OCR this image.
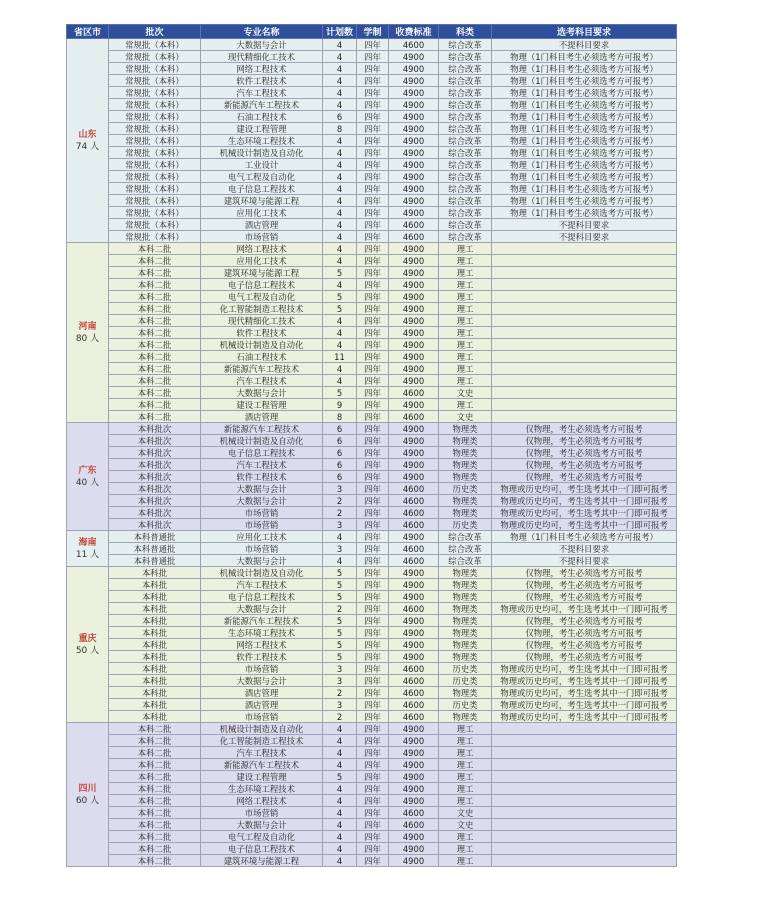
省区市	批次	专业名称	计划数	学制	收费标准	科类	选考科目要求

山东
74 人	常规批（本科）	大数据与会计	4	四年	4600	综合改革	不提科目要求
	常规批（本科）	现代精细化工技术	4	四年	4900	综合改革	物理（1门科目考生必须选考方可报考）
	常规批（本科）	网络工程技术	4	四年	4900	综合改革	物理（1门科目考生必须选考方可报考）
	常规批（本科）	软件工程技术	4	四年	4900	综合改革	物理（1门科目考生必须选考方可报考）
	常规批（本科）	汽车工程技术	4	四年	4900	综合改革	物理（1门科目考生必须选考方可报考）
	常规批（本科）	新能源汽车工程技术	4	四年	4900	综合改革	物理（1门科目考生必须选考方可报考）
	常规批（本科）	石油工程技术	6	四年	4900	综合改革	物理（1门科目考生必须选考方可报考）
	常规批（本科）	建设工程管理	8	四年	4900	综合改革	物理（1门科目考生必须选考方可报考）
	常规批（本科）	生态环境工程技术	4	四年	4900	综合改革	物理（1门科目考生必须选考方可报考）
	常规批（本科）	机械设计制造及自动化	4	四年	4900	综合改革	物理（1门科目考生必须选考方可报考）
	常规批（本科）	工业设计	4	四年	4900	综合改革	物理（1门科目考生必须选考方可报考）
	常规批（本科）	电气工程及自动化	4	四年	4900	综合改革	物理（1门科目考生必须选考方可报考）
	常规批（本科）	电子信息工程技术	4	四年	4900	综合改革	物理（1门科目考生必须选考方可报考）
	常规批（本科）	建筑环境与能源工程	4	四年	4900	综合改革	物理（1门科目考生必须选考方可报考）
	常规批（本科）	应用化工技术	4	四年	4900	综合改革	物理（1门科目考生必须选考方可报考）
	常规批（本科）	酒店管理	4	四年	4600	综合改革	不提科目要求
	常规批（本科）	市场营销	4	四年	4600	综合改革	不提科目要求

河南
80 人	本科二批	网络工程技术	4	四年	4900	理工	
	本科二批	应用化工技术	4	四年	4900	理工	
	本科二批	建筑环境与能源工程	5	四年	4900	理工	
	本科二批	电子信息工程技术	4	四年	4900	理工	
	本科二批	电气工程及自动化	5	四年	4900	理工	
	本科二批	化工智能制造工程技术	5	四年	4900	理工	
	本科二批	现代精细化工技术	4	四年	4900	理工	
	本科二批	软件工程技术	4	四年	4900	理工	
	本科二批	机械设计制造及自动化	4	四年	4900	理工	
	本科二批	石油工程技术	11	四年	4900	理工	
	本科二批	新能源汽车工程技术	4	四年	4900	理工	
	本科二批	汽车工程技术	4	四年	4900	理工	
	本科二批	大数据与会计	5	四年	4600	文史	
	本科二批	建设工程管理	9	四年	4900	理工	
	本科二批	酒店管理	8	四年	4600	文史	

广东
40 人	本科批次	新能源汽车工程技术	6	四年	4900	物理类	仅物理，考生必须选考方可报考
	本科批次	机械设计制造及自动化	6	四年	4900	物理类	仅物理，考生必须选考方可报考
	本科批次	电子信息工程技术	6	四年	4900	物理类	仅物理，考生必须选考方可报考
	本科批次	汽车工程技术	6	四年	4900	物理类	仅物理，考生必须选考方可报考
	本科批次	软件工程技术	6	四年	4900	物理类	仅物理，考生必须选考方可报考
	本科批次	大数据与会计	3	四年	4600	历史类	物理或历史均可，考生选考其中一门即可报考
	本科批次	大数据与会计	2	四年	4600	物理类	物理或历史均可，考生选考其中一门即可报考
	本科批次	市场营销	2	四年	4600	物理类	物理或历史均可，考生选考其中一门即可报考
	本科批次	市场营销	3	四年	4600	历史类	物理或历史均可，考生选考其中一门即可报考

海南
11 人	本科普通批	应用化工技术	4	四年	4900	综合改革	物理（1门科目考生必须选考方可报考）
	本科普通批	市场营销	3	四年	4600	综合改革	不提科目要求
	本科普通批	大数据与会计	4	四年	4600	综合改革	不提科目要求

重庆
50 人	本科批	机械设计制造及自动化	5	四年	4900	物理类	仅物理，考生必须选考方可报考
	本科批	汽车工程技术	5	四年	4900	物理类	仅物理，考生必须选考方可报考
	本科批	电子信息工程技术	5	四年	4900	物理类	仅物理，考生必须选考方可报考
	本科批	大数据与会计	2	四年	4600	物理类	物理或历史均可，考生选考其中一门即可报考
	本科批	新能源汽车工程技术	5	四年	4900	物理类	仅物理，考生必须选考方可报考
	本科批	生态环境工程技术	5	四年	4900	物理类	仅物理，考生必须选考方可报考
	本科批	网络工程技术	5	四年	4900	物理类	仅物理，考生必须选考方可报考
	本科批	软件工程技术	5	四年	4900	物理类	仅物理，考生必须选考方可报考
	本科批	市场营销	3	四年	4600	历史类	物理或历史均可，考生选考其中一门即可报考
	本科批	大数据与会计	3	四年	4600	历史类	物理或历史均可，考生选考其中一门即可报考
	本科批	酒店管理	2	四年	4600	物理类	物理或历史均可，考生选考其中一门即可报考
	本科批	酒店管理	3	四年	4600	历史类	物理或历史均可，考生选考其中一门即可报考
	本科批	市场营销	2	四年	4600	物理类	物理或历史均可，考生选考其中一门即可报考

四川
60 人	本科二批	机械设计制造及自动化	4	四年	4900	理工	
	本科二批	化工智能制造工程技术	4	四年	4900	理工	
	本科二批	汽车工程技术	4	四年	4900	理工	
	本科二批	新能源汽车工程技术	4	四年	4900	理工	
	本科二批	建设工程管理	5	四年	4900	理工	
	本科二批	生态环境工程技术	4	四年	4900	理工	
	本科二批	网络工程技术	4	四年	4900	理工	
	本科二批	市场营销	4	四年	4600	文史	
	本科二批	大数据与会计	4	四年	4600	文史	
	本科二批	电气工程及自动化	4	四年	4900	理工	
	本科二批	电子信息工程技术	4	四年	4900	理工	
	本科二批	建筑环境与能源工程	4	四年	4900	理工	
